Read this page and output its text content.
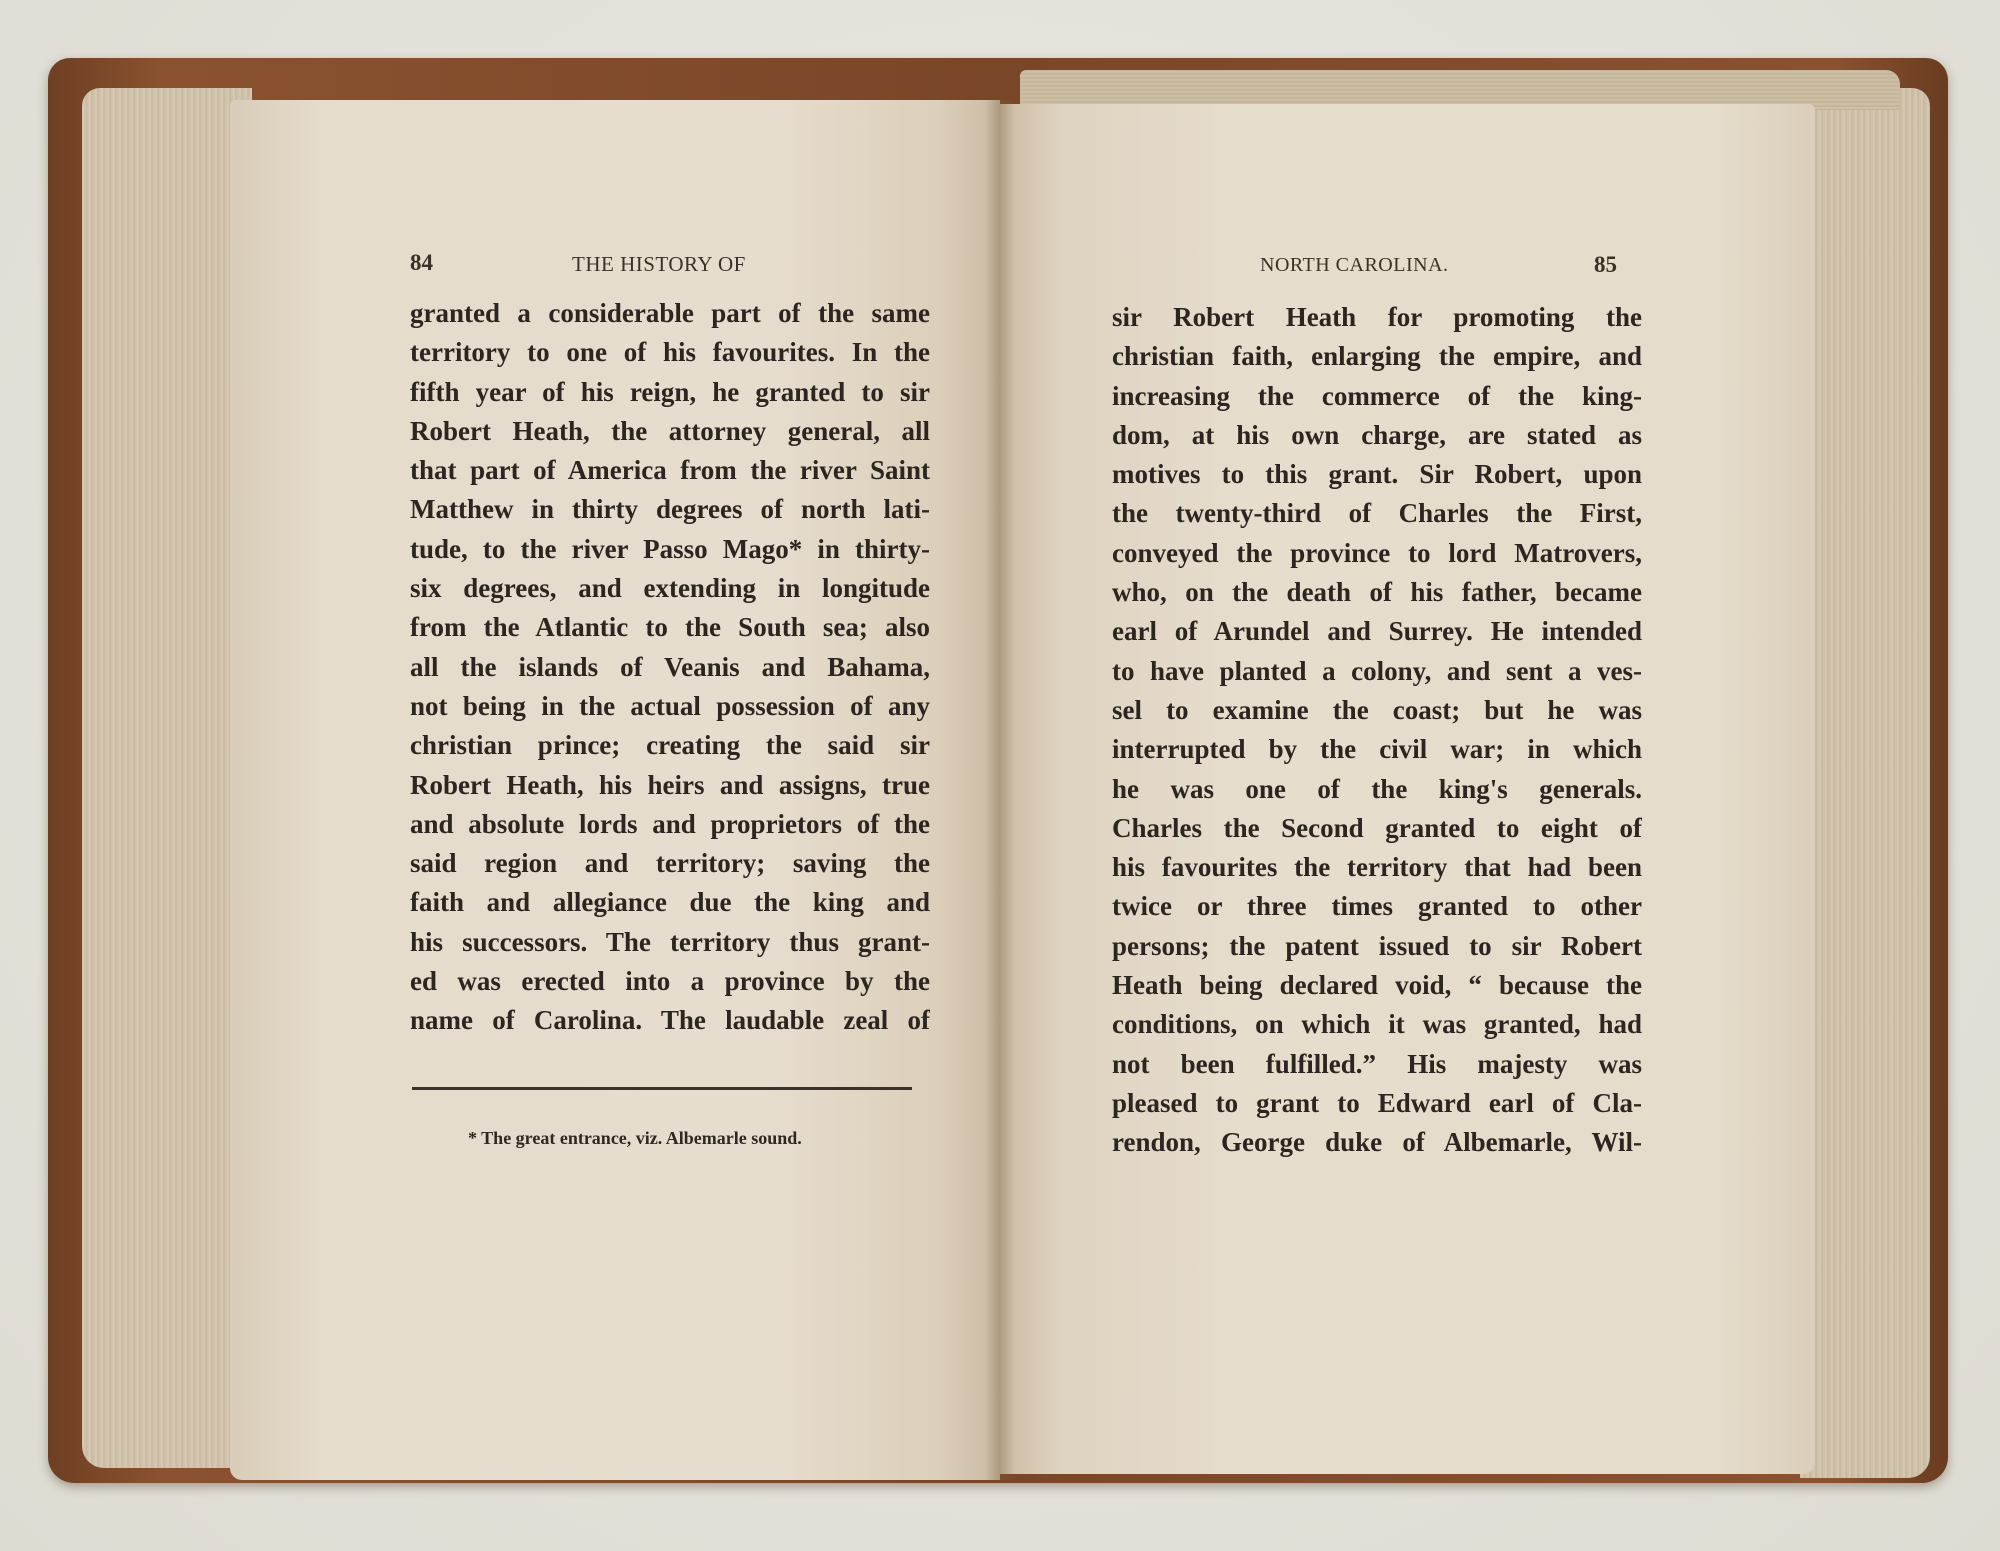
84	THE HISTORY OF	NORTH CAROLINA.	85
granted a considerable part of the same
territory to one of his favourites. In the
fifth year of his reign, he granted to sir
Robert Heath, the attorney general, all
that part of America from the river Saint
Matthew in thirty degrees of north lati-
tude, to the river Passo Mago* in thirty-
six degrees, and extending in longitude
from the Atlantic to the South sea; also
all the islands of Veanis and Bahama,
not being in the actual possession of any
christian prince; creating the said sir
Robert Heath, his heirs and assigns, true
and absolute lords and proprietors of the
said region and territory; saving the
faith and allegiance due the king and
his successors. The territory thus grant-
ed was erected into a province by the
name of Carolina. The laudable zeal of
* The great entrance, viz. Albemarle sound.
sir Robert Heath for promoting the
christian faith, enlarging the empire, and
increasing the commerce of the king-
dom, at his own charge, are stated as
motives to this grant. Sir Robert, upon
the twenty-third of Charles the First,
conveyed the province to lord Matrovers,
who, on the death of his father, became
earl of Arundel and Surrey. He intended
to have planted a colony, and sent a ves-
sel to examine the coast; but he was
interrupted by the civil war; in which
he was one of the king's generals.
Charles the Second granted to eight of
his favourites the territory that had been
twice or three times granted to other
persons; the patent issued to sir Robert
Heath being declared void, “ because the
conditions, on which it was granted, had
not been fulfilled.” His majesty was
pleased to grant to Edward earl of Cla-
rendon, George duke of Albemarle, Wil-
